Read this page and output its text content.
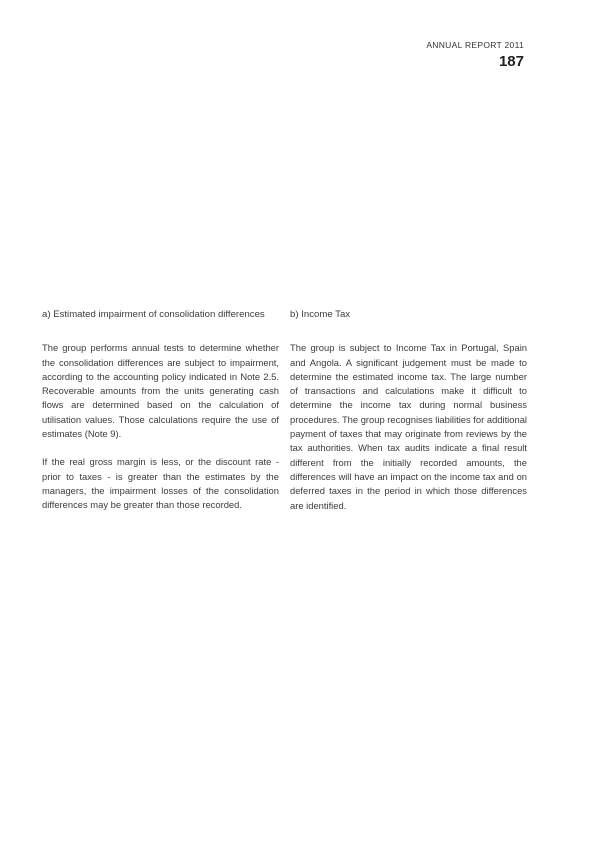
ANNUAL REPORT 2011
187
a) Estimated impairment of consolidation differences

The group performs annual tests to determine whether the consolidation differences are subject to impairment, according to the accounting policy indicated in Note 2.5. Recoverable amounts from the units generating cash flows are determined based on the calculation of utilisation values. Those calculations require the use of estimates (Note 9).

If the real gross margin is less, or the discount rate - prior to taxes - is greater than the estimates by the managers, the impairment losses of the consolidation differences may be greater than those recorded.

b) Income Tax

The group is subject to Income Tax in Portugal, Spain and Angola. A significant judgement must be made to determine the estimated income tax. The large number of transactions and calculations make it difficult to determine the income tax during normal business procedures. The group recognises liabilities for additional payment of taxes that may originate from reviews by the tax authorities. When tax audits indicate a final result different from the initially recorded amounts, the differences will have an impact on the income tax and on deferred taxes in the period in which those differences are identified.
